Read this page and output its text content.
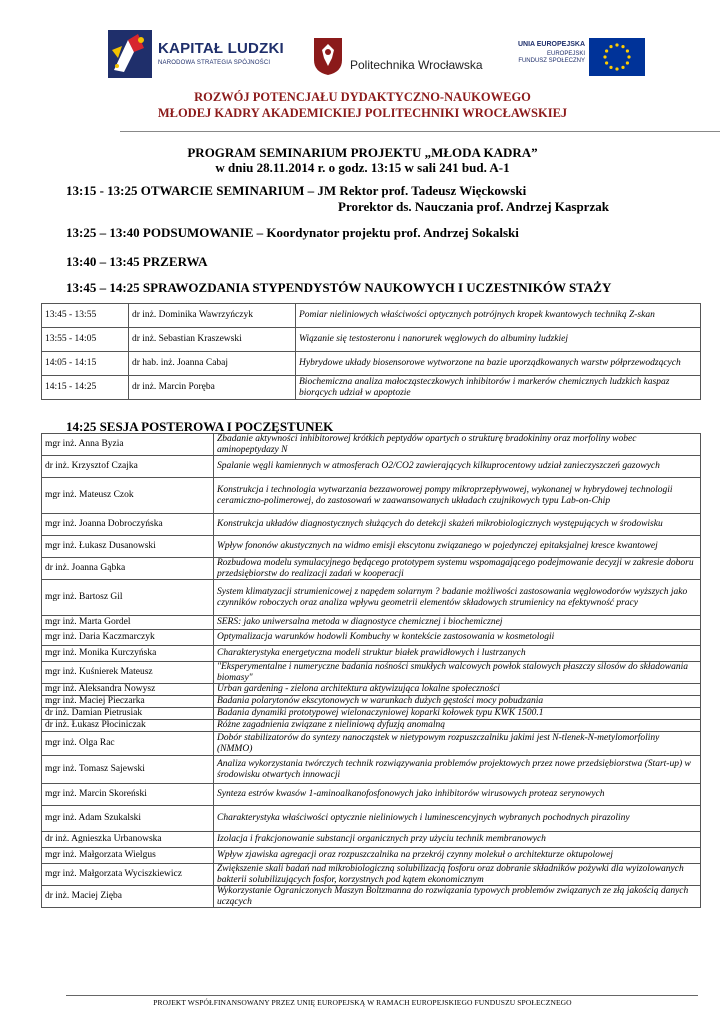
KAPITAŁ LUDZKI
NARODOWA STRATEGIA SPÓJNOŚCI	Politechnika Wrocławska
UNIA EUROPEJSKA
EUROPEJSKI
FUNDUSZ SPOŁECZNY
ROZWÓJ POTENCJAŁU DYDAKTYCZNO-NAUKOWEGO
MŁODEJ KADRY AKADEMICKIEJ POLITECHNIKI WROCŁAWSKIEJ
PROGRAM SEMINARIUM PROJEKTU „MŁODA KADRA”
w dniu 28.11.2014 r. o godz. 13:15 w sali 241 bud. A-1
13:15 - 13:25 OTWARCIE SEMINARIUM – JM Rektor prof. Tadeusz Więckowski
Prorektor ds. Nauczania prof. Andrzej Kasprzak
13:25 – 13:40 PODSUMOWANIE – Koordynator projektu prof. Andrzej Sokalski
13:40 – 13:45 PRZERWA
13:45 – 14:25 SPRAWOZDANIA STYPENDYSTÓW NAUKOWYCH I UCZESTNIKÓW STAŻY
13:45 - 13:55	dr inż. Dominika Wawrzyńczyk	Pomiar nieliniowych właściwości optycznych potrójnych kropek kwantowych techniką Z-skan
13:55 - 14:05	dr inż. Sebastian Kraszewski	Wiązanie się testosteronu i nanorurek węglowych do albuminy ludzkiej
14:05 - 14:15	dr hab. inż. Joanna Cabaj	Hybrydowe układy biosensorowe wytworzone na bazie uporządkowanych warstw półprzewodzących
14:15 - 14:25	dr inż. Marcin Poręba	Biochemiczna analiza małocząsteczkowych inhibitorów i markerów chemicznych ludzkich kaspaz biorących udział w apoptozie
14:25 SESJA POSTEROWA I POCZĘSTUNEK
mgr inż. Anna Byzia	Zbadanie aktywności inhibitorowej krótkich peptydów opartych o strukturę bradokininy oraz morfoliny wobec aminopeptydazy N
dr inż. Krzysztof Czajka	Spalanie węgli kamiennych w atmosferach O2/CO2 zawierających kilkuprocentowy udział zanieczyszczeń gazowych
mgr inż. Mateusz Czok	Konstrukcja i technologia wytwarzania bezzaworowej pompy mikroprzepływowej, wykonanej w hybrydowej technologii ceramiczno-polimerowej, do zastosowań w zaawansowanych układach czujnikowych typu Lab-on-Chip
mgr inż. Joanna Dobroczyńska	Konstrukcja układów diagnostycznych służących do detekcji skażeń mikrobiologicznych występujących w środowisku
mgr inż. Łukasz Dusanowski	Wpływ fononów akustycznych na widmo emisji ekscytonu związanego w pojedynczej epitaksjalnej kresce kwantowej
dr inż. Joanna Gąbka	Rozbudowa modelu symulacyjnego będącego prototypem systemu wspomagającego podejmowanie decyzji w zakresie doboru przedsiębiorstw do realizacji zadań w kooperacji
mgr inż. Bartosz Gil	System klimatyzacji strumienicowej z napędem solarnym ? badanie możliwości zastosowania węglowodorów wyższych jako czynników roboczych oraz analiza wpływu geometrii elementów składowych strumienicy na efektywność pracy
mgr inż. Marta Gordel	SERS: jako uniwersalna metoda w diagnostyce chemicznej i biochemicznej
mgr inż. Daria Kaczmarczyk	Optymalizacja warunków hodowli Kombuchy w kontekście zastosowania w kosmetologii
mgr inż. Monika Kurczyńska	Charakterystyka energetyczna modeli struktur białek prawidłowych i lustrzanych
mgr inż. Kuśnierek Mateusz	"Eksperymentalne i numeryczne badania nośności smukłych walcowych powłok stalowych płaszczy silosów do składowania biomasy"
mgr inż. Aleksandra Nowysz	Urban gardening - zielona architektura aktywizująca lokalne społeczności
mgr inż. Maciej Pieczarka	Badania polarytonów ekscytonowych w warunkach dużych gęstości mocy pobudzania
dr inż. Damian Pietrusiak	Badania dynamiki prototypowej wielonaczyniowej koparki kołowek typu KWK 1500.1
dr inż. Łukasz Płociniczak	Różne zagadnienia związane z nieliniową dyfuzją anomalną
mgr inż. Olga Rac	Dobór stabilizatorów do syntezy nanocząstek w nietypowym rozpuszczalniku jakimi jest N-tlenek-N-metylomorfoliny (NMMO)
mgr inż. Tomasz Sajewski	Analiza wykorzystania twórczych technik rozwiązywania problemów projektowych przez nowe przedsiębiorstwa (Start-up) w środowisku otwartych innowacji
mgr inż. Marcin Skoreński	Synteza estrów kwasów 1-aminoalkanofosfonowych jako inhibitorów wirusowych proteaz serynowych
mgr inż. Adam Szukalski	Charakterystyka właściwości optycznie nieliniowych i luminescencyjnych wybranych pochodnych pirazoliny
dr inż. Agnieszka Urbanowska	Izolacja i frakcjonowanie substancji organicznych przy użyciu technik membranowych
mgr inż. Małgorzata Wielgus	Wpływ zjawiska agregacji oraz rozpuszczalnika na przekrój czynny molekuł o architekturze oktupolowej
mgr inż. Małgorzata Wyciszkiewicz	Zwiększenie skali badań nad mikrobiologiczną solubilizacją fosforu oraz dobranie składników pożywki dla wyizolowanych bakterii solubilizujących fosfor, korzystnych pod kątem ekonomicznym
dr inż. Maciej Zięba	Wykorzystanie Ograniczonych Maszyn Boltzmanna do rozwiązania typowych problemów związanych ze złą jakością danych uczących
PROJEKT WSPÓŁFINANSOWANY PRZEZ UNIĘ EUROPEJSKĄ W RAMACH EUROPEJSKIEGO FUNDUSZU SPOŁECZNEGO
